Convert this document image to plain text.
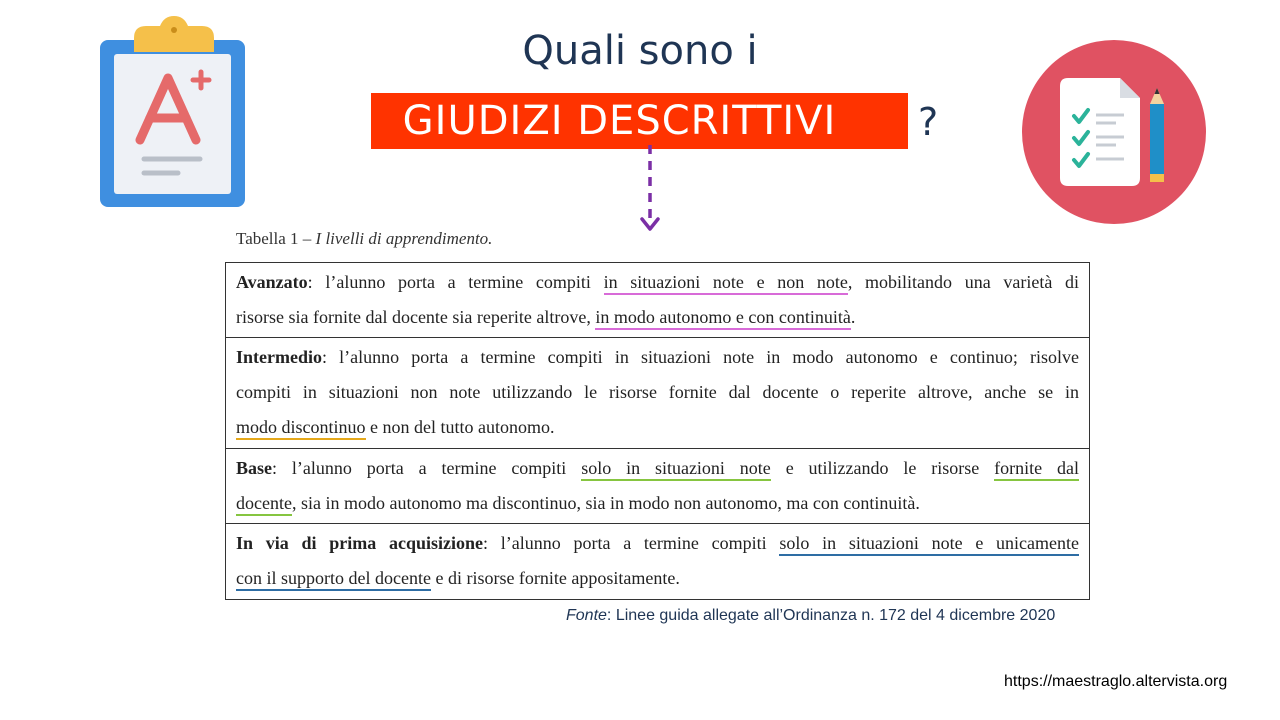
Quali sono i
GIUDIZI DESCRITTIVI	?
Tabella 1 – I livelli di apprendimento.
Avanzato: l’alunno porta a termine compiti in situazioni note e non note, mobilitando una varietà di
risorse sia fornite dal docente sia reperite altrove, in modo autonomo e con continuità.
Intermedio: l’alunno porta a termine compiti in situazioni note in modo autonomo e continuo; risolve
compiti in situazioni non note utilizzando le risorse fornite dal docente o reperite altrove, anche se in
modo discontinuo e non del tutto autonomo.
Base: l’alunno porta a termine compiti solo in situazioni note e utilizzando le risorse fornite dal
docente, sia in modo autonomo ma discontinuo, sia in modo non autonomo, ma con continuità.
In via di prima acquisizione: l’alunno porta a termine compiti solo in situazioni note e unicamente
con il supporto del docente e di risorse fornite appositamente.
Fonte: Linee guida allegate all’Ordinanza n. 172 del 4 dicembre 2020
https://maestraglo.altervista.org
